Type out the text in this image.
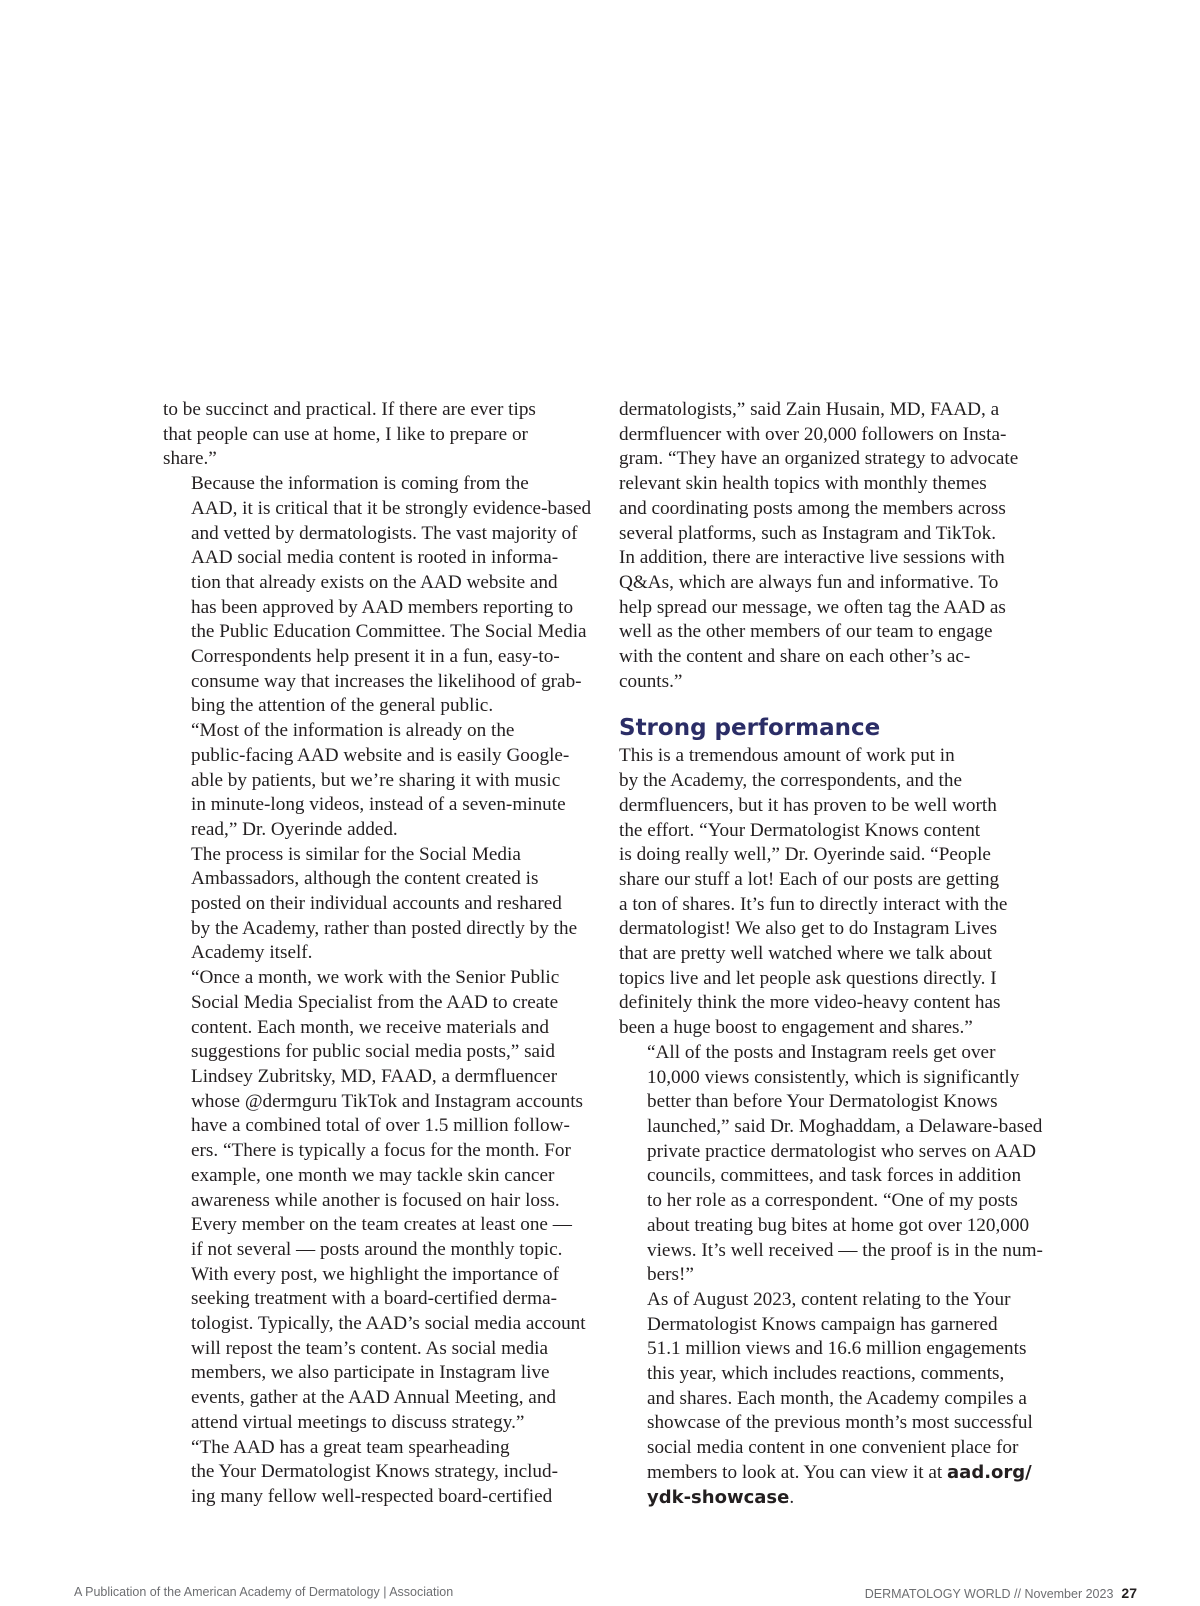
to be succinct and practical. If there are ever tips
that people can use at home, I like to prepare or
share.”

Because the information is coming from the
AAD, it is critical that it be strongly evidence-based
and vetted by dermatologists. The vast majority of
AAD social media content is rooted in informa-
tion that already exists on the AAD website and
has been approved by AAD members reporting to
the Public Education Committee. The Social Media
Correspondents help present it in a fun, easy-to-
consume way that increases the likelihood of grab-
bing the attention of the general public.

“Most of the information is already on the
public-facing AAD website and is easily Google-
able by patients, but we’re sharing it with music
in minute-long videos, instead of a seven-minute
read,” Dr. Oyerinde added.

The process is similar for the Social Media
Ambassadors, although the content created is
posted on their individual accounts and reshared
by the Academy, rather than posted directly by the
Academy itself.

“Once a month, we work with the Senior Public
Social Media Specialist from the AAD to create
content. Each month, we receive materials and
suggestions for public social media posts,” said
Lindsey Zubritsky, MD, FAAD, a dermfluencer
whose @dermguru TikTok and Instagram accounts
have a combined total of over 1.5 million follow-
ers. “There is typically a focus for the month. For
example, one month we may tackle skin cancer
awareness while another is focused on hair loss.
Every member on the team creates at least one —
if not several — posts around the monthly topic.
With every post, we highlight the importance of
seeking treatment with a board-certified derma-
tologist. Typically, the AAD’s social media account
will repost the team’s content. As social media
members, we also participate in Instagram live
events, gather at the AAD Annual Meeting, and
attend virtual meetings to discuss strategy.”

“The AAD has a great team spearheading
the Your Dermatologist Knows strategy, includ-
ing many fellow well-respected board-certified

dermatologists,” said Zain Husain, MD, FAAD, a
dermfluencer with over 20,000 followers on Insta-
gram. “They have an organized strategy to advocate
relevant skin health topics with monthly themes
and coordinating posts among the members across
several platforms, such as Instagram and TikTok.
In addition, there are interactive live sessions with
Q&As, which are always fun and informative. To
help spread our message, we often tag the AAD as
well as the other members of our team to engage
with the content and share on each other’s ac-
counts.”

Strong performance

This is a tremendous amount of work put in
by the Academy, the correspondents, and the
dermfluencers, but it has proven to be well worth
the effort. “Your Dermatologist Knows content
is doing really well,” Dr. Oyerinde said. “People
share our stuff a lot! Each of our posts are getting
a ton of shares. It’s fun to directly interact with the
dermatologist! We also get to do Instagram Lives
that are pretty well watched where we talk about
topics live and let people ask questions directly. I
definitely think the more video-heavy content has
been a huge boost to engagement and shares.”

“All of the posts and Instagram reels get over
10,000 views consistently, which is significantly
better than before Your Dermatologist Knows
launched,” said Dr. Moghaddam, a Delaware-based
private practice dermatologist who serves on AAD
councils, committees, and task forces in addition
to her role as a correspondent. “One of my posts
about treating bug bites at home got over 120,000
views. It’s well received — the proof is in the num-
bers!”

As of August 2023, content relating to the Your
Dermatologist Knows campaign has garnered
51.1 million views and 16.6 million engagements
this year, which includes reactions, comments,
and shares. Each month, the Academy compiles a
showcase of the previous month’s most successful
social media content in one convenient place for
members to look at. You can view it at aad.org/
ydk-showcase.

A Publication of the American Academy of Dermatology | Association	DERMATOLOGY WORLD // November 2023 27
